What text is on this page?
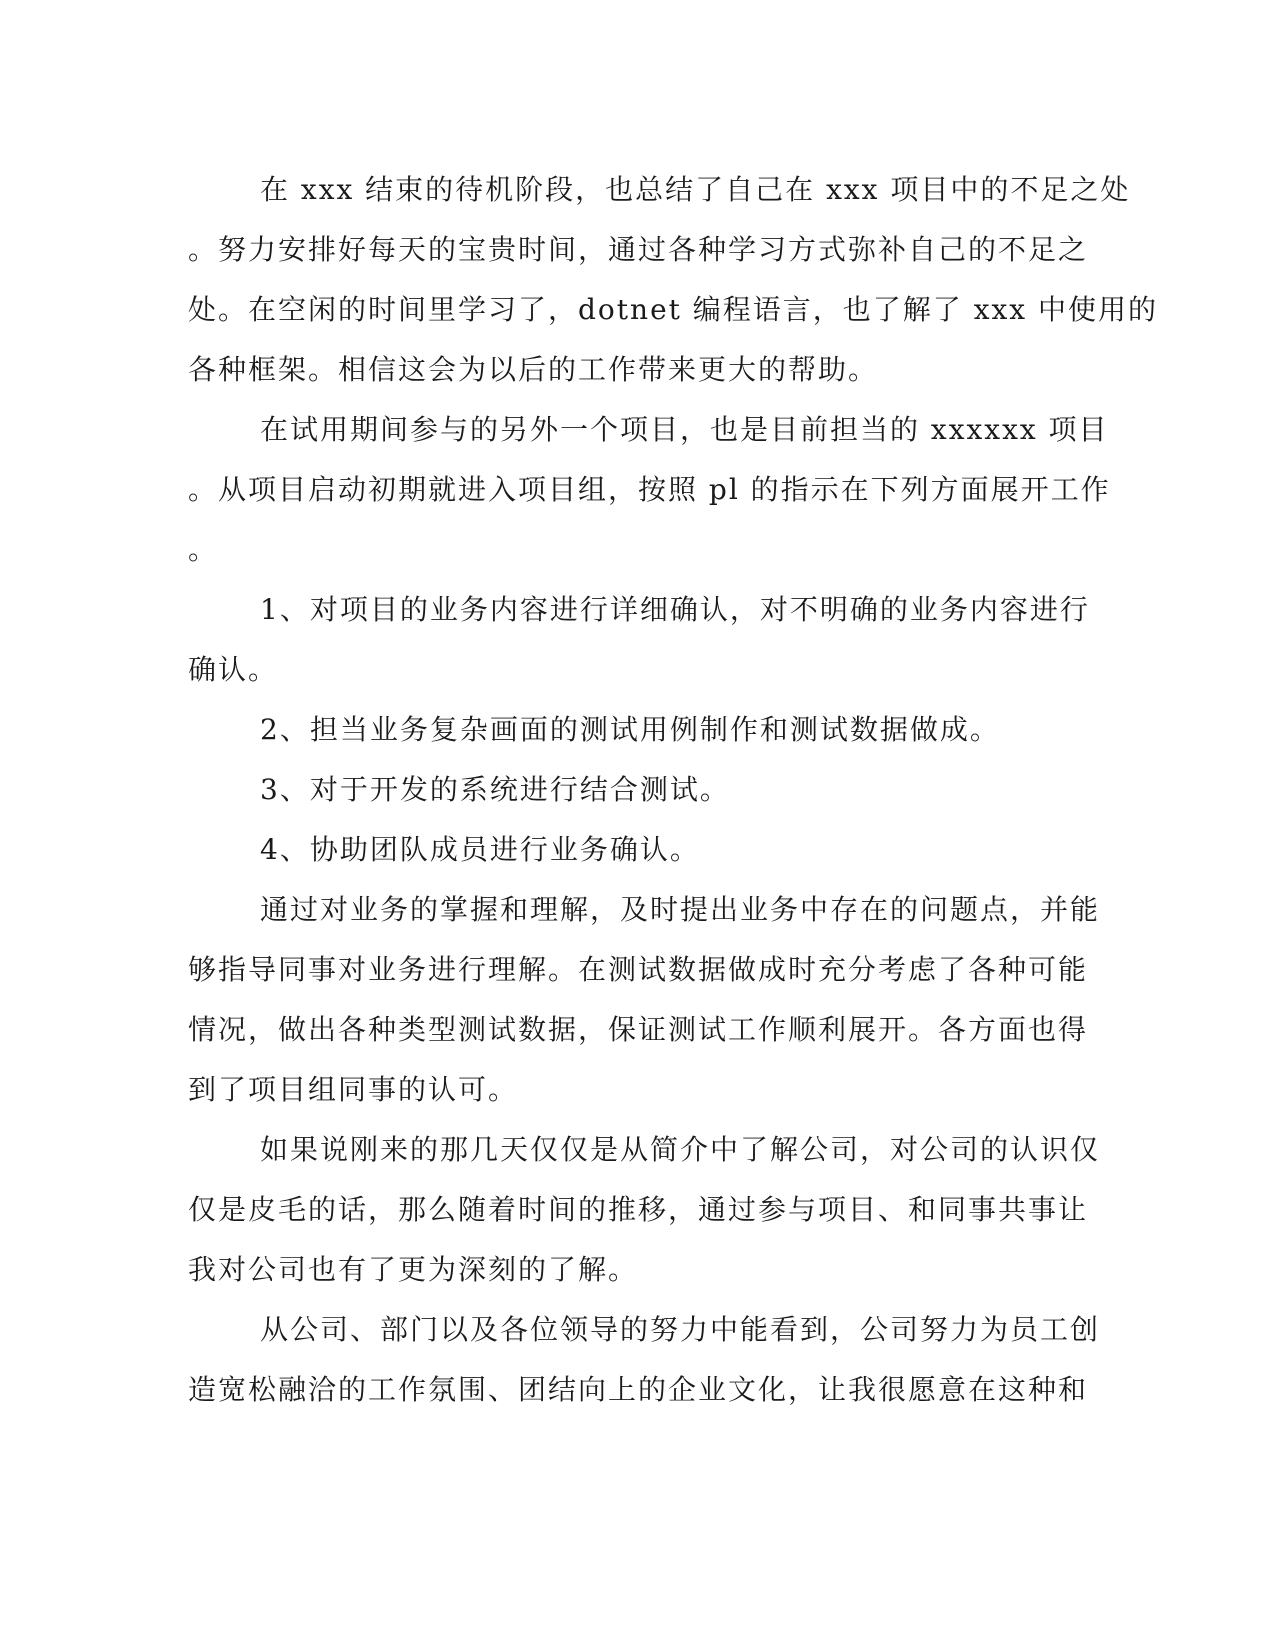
在 xxx 结束的待机阶段，也总结了自己在 xxx 项目中的不足之处
。努力安排好每天的宝贵时间，通过各种学习方式弥补自己的不足之
处。在空闲的时间里学习了，dotnet 编程语言，也了解了 xxx 中使用的
各种框架。相信这会为以后的工作带来更大的帮助。
在试用期间参与的另外一个项目，也是目前担当的 xxxxxx 项目
。从项目启动初期就进入项目组，按照 pl 的指示在下列方面展开工作
。
1、对项目的业务内容进行详细确认，对不明确的业务内容进行
确认。
2、担当业务复杂画面的测试用例制作和测试数据做成。
3、对于开发的系统进行结合测试。
4、协助团队成员进行业务确认。
通过对业务的掌握和理解，及时提出业务中存在的问题点，并能
够指导同事对业务进行理解。在测试数据做成时充分考虑了各种可能
情况，做出各种类型测试数据，保证测试工作顺利展开。各方面也得
到了项目组同事的认可。
如果说刚来的那几天仅仅是从简介中了解公司，对公司的认识仅
仅是皮毛的话，那么随着时间的推移，通过参与项目、和同事共事让
我对公司也有了更为深刻的了解。
从公司、部门以及各位领导的努力中能看到，公司努力为员工创
造宽松融洽的工作氛围、团结向上的企业文化，让我很愿意在这种和
